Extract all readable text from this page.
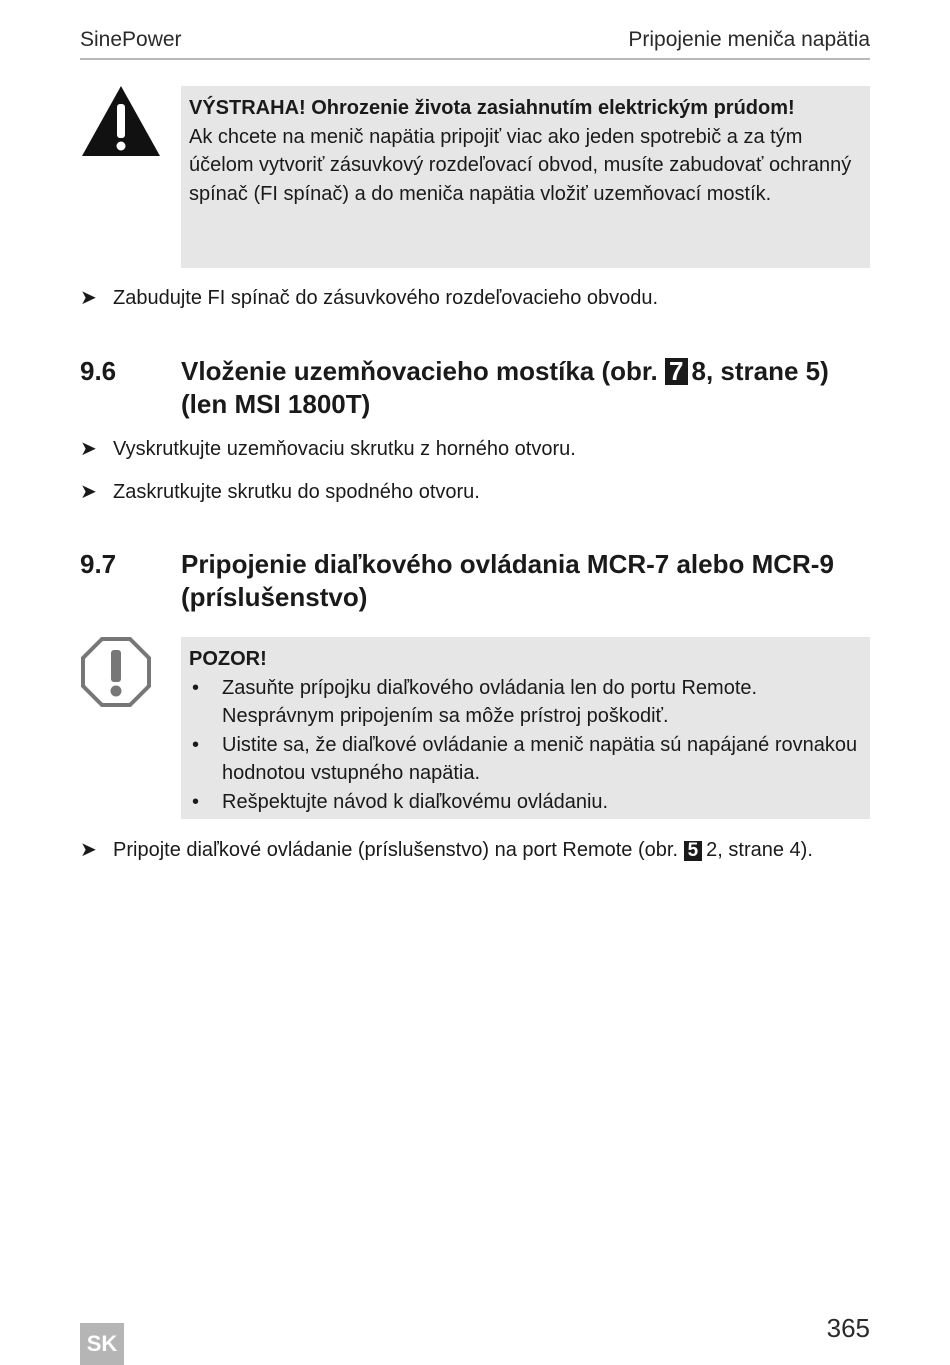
SinePower	Pripojenie meniča napätia
VÝSTRAHA! Ohrozenie života zasiahnutím elektrickým prúdom!
Ak chcete na menič napätia pripojiť viac ako jeden spotrebič a za tým účelom vytvoriť zásuvkový rozdeľovací obvod, musíte zabudovať ochranný spínač (FI spínač) a do meniča napätia vložiť uzemňovací mostík.
➤ Zabudujte FI spínač do zásuvkového rozdeľovacieho obvodu.
9.6 Vloženie uzemňovacieho mostíka (obr. 7 8, strane 5) (len MSI 1800T)
➤ Vyskrutkujte uzemňovaciu skrutku z horného otvoru.
➤ Zaskrutkujte skrutku do spodného otvoru.
9.7 Pripojenie diaľkového ovládania MCR-7 alebo MCR-9 (príslušenstvo)
POZOR!
• Zasuňte prípojku diaľkového ovládania len do portu Remote. Nesprávnym pripojením sa môže prístroj poškodiť.
• Uistite sa, že diaľkové ovládanie a menič napätia sú napájané rovnakou hodnotou vstupného napätia.
• Rešpektujte návod k diaľkovému ovládaniu.
➤ Pripojte diaľkové ovládanie (príslušenstvo) na port Remote (obr. 5 2, strane 4).
SK
365
